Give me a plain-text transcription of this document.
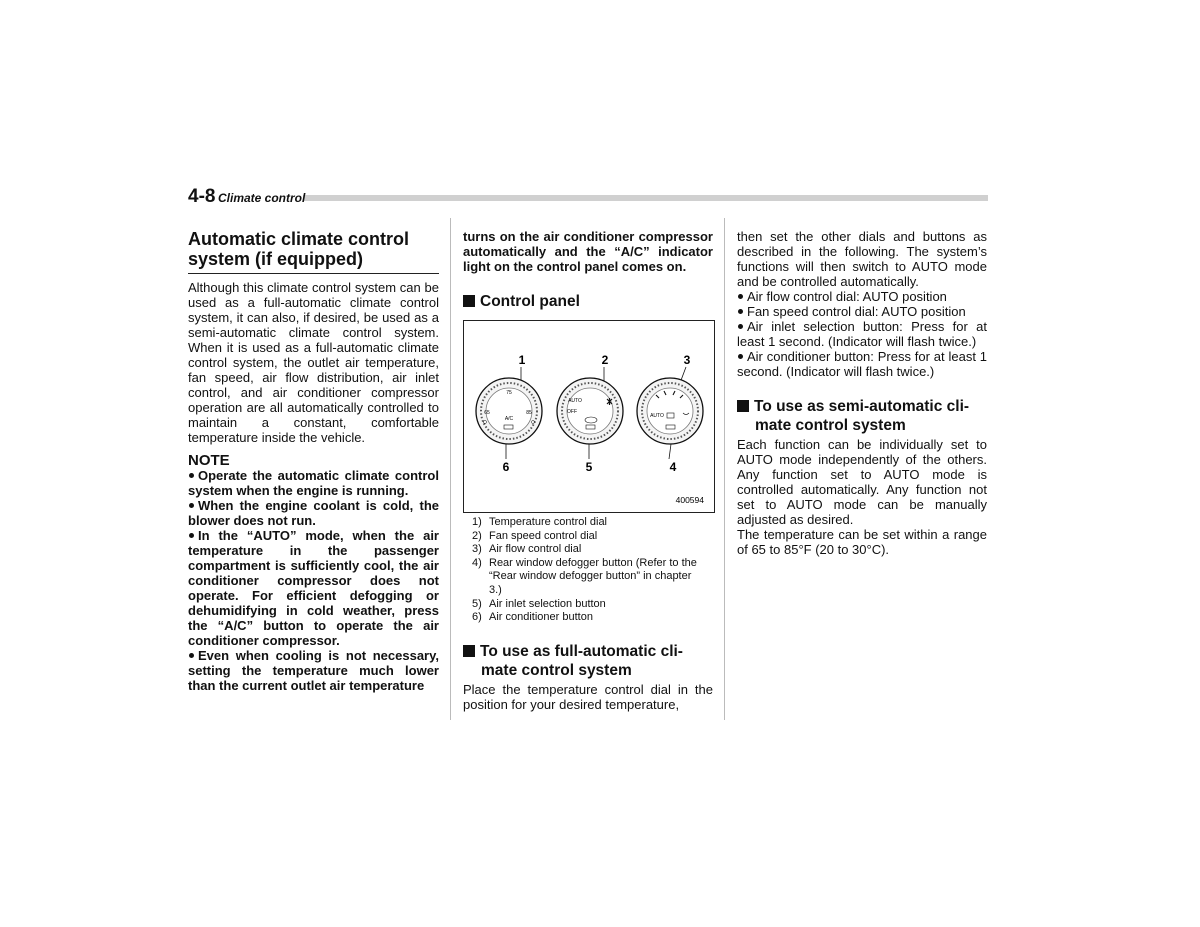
4-8 Climate control
Automatic climate control system (if equipped)

Although this climate control system can be used as a full-automatic climate control system, it can also, if desired, be used as a semi-automatic climate control system. When it is used as a full-automatic climate control system, the outlet air temperature, fan speed, air flow distribution, air inlet control, and air conditioner compressor operation are all automatically controlled to maintain a constant, comfortable temperature inside the vehicle.

NOTE

Operate the automatic climate control system when the engine is running.

When the engine coolant is cold, the blower does not run.

In the “AUTO” mode, when the air temperature in the passenger compartment is sufficiently cool, the air conditioner compressor does not operate. For efficient defogging or dehumidifying in cold weather, press the “A/C” button to operate the air conditioner compressor.

Even when cooling is not necessary, setting the temperature much lower than the current outlet air temperature

turns on the air conditioner compressor automatically and the “A/C” indicator light on the control panel comes on.

Control panel
1	2	3
6	5	4
75
65	85
A/C
AUTO
OFF
AUTO
400594
1) Temperature control dial
2) Fan speed control dial
3) Air flow control dial
4) Rear window defogger button (Refer to the “Rear window defogger button” in chapter 3.)
5) Air inlet selection button
6) Air conditioner button
To use as full-automatic cli-
mate control system

Place the temperature control dial in the position for your desired temperature,

then set the other dials and buttons as described in the following. The system’s functions will then switch to AUTO mode and be controlled automatically.

Air flow control dial: AUTO position

Fan speed control dial: AUTO position

Air inlet selection button: Press for at least 1 second. (Indicator will flash twice.)

Air conditioner button: Press for at least 1 second. (Indicator will flash twice.)

To use as semi-automatic cli-
mate control system

Each function can be individually set to AUTO mode independently of the others. Any function set to AUTO mode is controlled automatically. Any function not set to AUTO mode can be manually adjusted as desired.

The temperature can be set within a range of 65 to 85°F (20 to 30°C).
